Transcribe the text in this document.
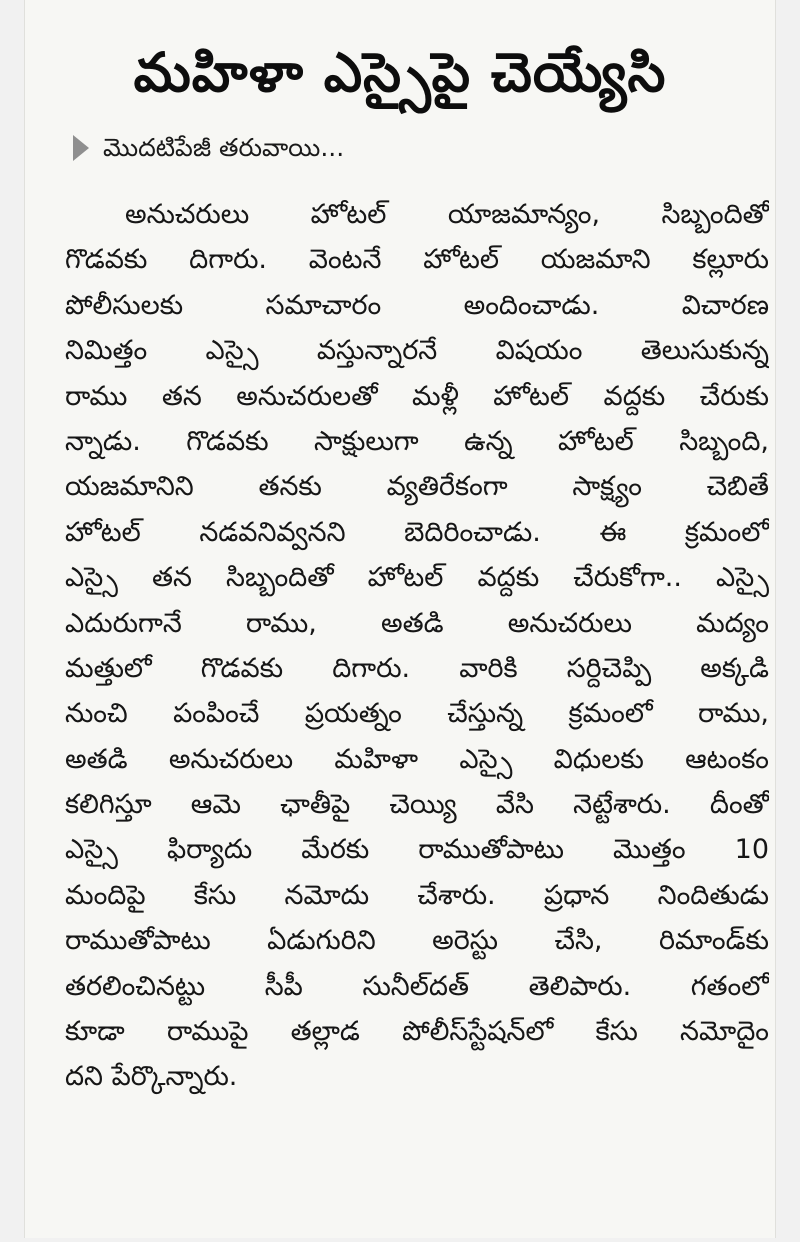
మహిళా ఎస్సైపై చెయ్యేసి
మొదటిపేజీ తరువాయి...
అనుచరులు హోటల్ యాజమాన్యం, సిబ్బందితో
గొడవకు దిగారు. వెంటనే హోటల్ యజమాని కల్లూరు
పోలీసులకు సమాచారం అందించాడు. విచారణ
నిమిత్తం ఎస్సై వస్తున్నారనే విషయం తెలుసుకున్న
రాము తన అనుచరులతో మళ్లీ హోటల్ వద్దకు చేరుకు
న్నాడు. గొడవకు సాక్షులుగా ఉన్న హోటల్ సిబ్బంది,
యజమానిని తనకు వ్యతిరేకంగా సాక్ష్యం చెబితే
హోటల్ నడవనివ్వనని బెదిరించాడు. ఈ క్రమంలో
ఎస్సై తన సిబ్బందితో హోటల్ వద్దకు చేరుకోగా.. ఎస్సై
ఎదురుగానే రాము, అతడి అనుచరులు మద్యం
మత్తులో గొడవకు దిగారు. వారికి సర్దిచెప్పి అక్కడి
నుంచి పంపించే ప్రయత్నం చేస్తున్న క్రమంలో రాము,
అతడి అనుచరులు మహిళా ఎస్సై విధులకు ఆటంకం
కలిగిస్తూ ఆమె ఛాతీపై చెయ్యి వేసి నెట్టేశారు. దీంతో
ఎస్సై ఫిర్యాదు మేరకు రాముతోపాటు మొత్తం 10
మందిపై కేసు నమోదు చేశారు. ప్రధాన నిందితుడు
రాముతోపాటు ఏడుగురిని అరెస్టు చేసి, రిమాండ్‌కు
తరలించినట్టు సీపీ సునీల్‌దత్ తెలిపారు. గతంలో
కూడా రాముపై తల్లాడ పోలీస్‌స్టేషన్‌లో కేసు నమోదైం
దని పేర్కొన్నారు.
